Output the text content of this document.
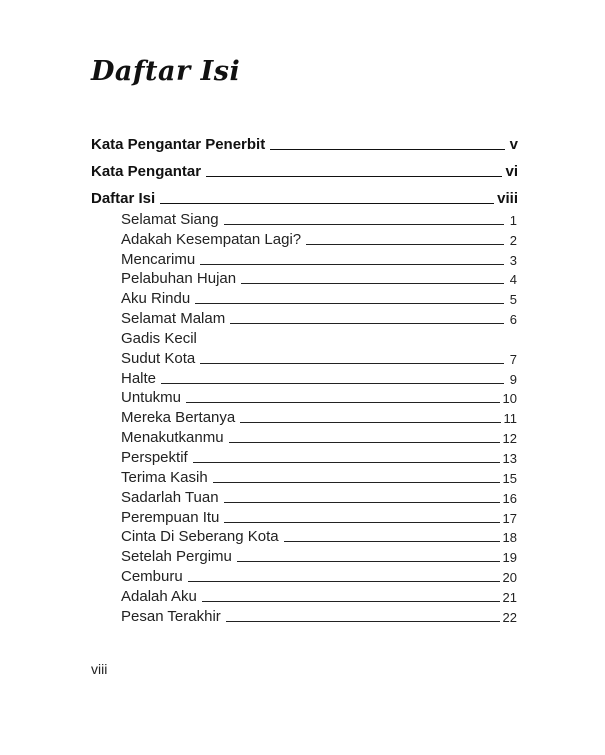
Daftar Isi
Kata Pengantar Penerbit	v
Kata Pengantar	vi
Daftar Isi	viii
Selamat Siang	1
Adakah Kesempatan Lagi?	2
Mencarimu	3
Pelabuhan Hujan	4
Aku Rindu	5
Selamat Malam	6
Gadis Kecil
Sudut Kota	7
Halte	9
Untukmu	10
Mereka Bertanya	11
Menakutkanmu	12
Perspektif	13
Terima Kasih	15
Sadarlah Tuan	16
Perempuan Itu	17
Cinta Di Seberang Kota	18
Setelah Pergimu	19
Cemburu	20
Adalah Aku	21
Pesan Terakhir	22
viii
